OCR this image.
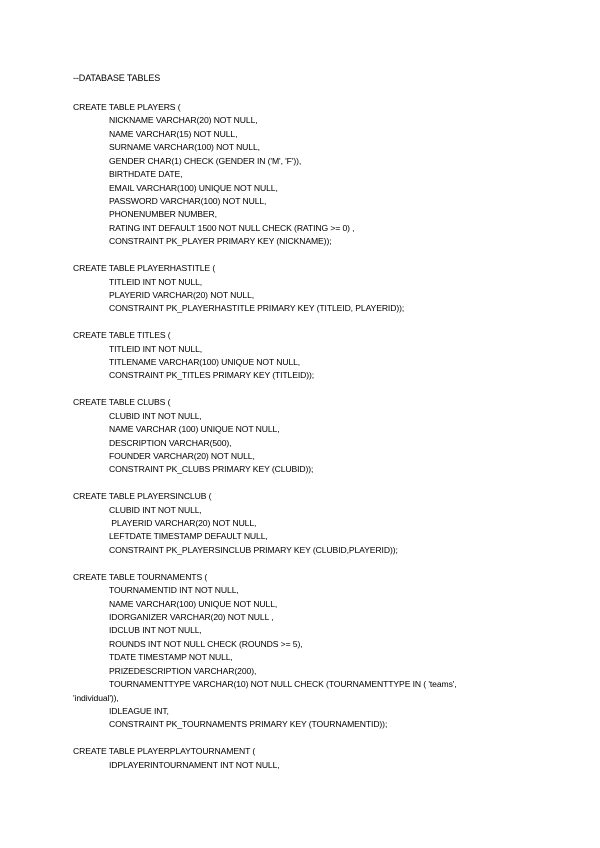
--DATABASE TABLES
CREATE TABLE PLAYERS (
NICKNAME VARCHAR(20) NOT NULL,
NAME VARCHAR(15) NOT NULL,
SURNAME VARCHAR(100) NOT NULL,
GENDER CHAR(1) CHECK (GENDER IN ('M', 'F')),
BIRTHDATE DATE,
EMAIL VARCHAR(100) UNIQUE NOT NULL,
PASSWORD VARCHAR(100) NOT NULL,
PHONENUMBER NUMBER,
RATING INT DEFAULT 1500 NOT NULL CHECK (RATING >= 0) ,
CONSTRAINT PK_PLAYER PRIMARY KEY (NICKNAME));
CREATE TABLE PLAYERHASTITLE (
TITLEID INT NOT NULL,
PLAYERID VARCHAR(20) NOT NULL,
CONSTRAINT PK_PLAYERHASTITLE PRIMARY KEY (TITLEID, PLAYERID));
CREATE TABLE TITLES (
TITLEID INT NOT NULL,
TITLENAME VARCHAR(100) UNIQUE NOT NULL,
CONSTRAINT PK_TITLES PRIMARY KEY (TITLEID));
CREATE TABLE CLUBS (
CLUBID INT NOT NULL,
NAME VARCHAR (100) UNIQUE NOT NULL,
DESCRIPTION VARCHAR(500),
FOUNDER VARCHAR(20) NOT NULL,
CONSTRAINT PK_CLUBS PRIMARY KEY (CLUBID));
CREATE TABLE PLAYERSINCLUB (
CLUBID INT NOT NULL,
PLAYERID VARCHAR(20) NOT NULL,
LEFTDATE TIMESTAMP DEFAULT NULL,
CONSTRAINT PK_PLAYERSINCLUB PRIMARY KEY (CLUBID,PLAYERID));
CREATE TABLE TOURNAMENTS (
TOURNAMENTID INT NOT NULL,
NAME VARCHAR(100) UNIQUE NOT NULL,
IDORGANIZER VARCHAR(20) NOT NULL ,
IDCLUB INT NOT NULL,
ROUNDS INT NOT NULL CHECK (ROUNDS >= 5),
TDATE TIMESTAMP NOT NULL,
PRIZEDESCRIPTION VARCHAR(200),
TOURNAMENTTYPE VARCHAR(10) NOT NULL CHECK (TOURNAMENTTYPE IN ( 'teams',
'individual')),
IDLEAGUE INT,
CONSTRAINT PK_TOURNAMENTS PRIMARY KEY (TOURNAMENTID));
CREATE TABLE PLAYERPLAYTOURNAMENT (
IDPLAYERINTOURNAMENT INT NOT NULL,
